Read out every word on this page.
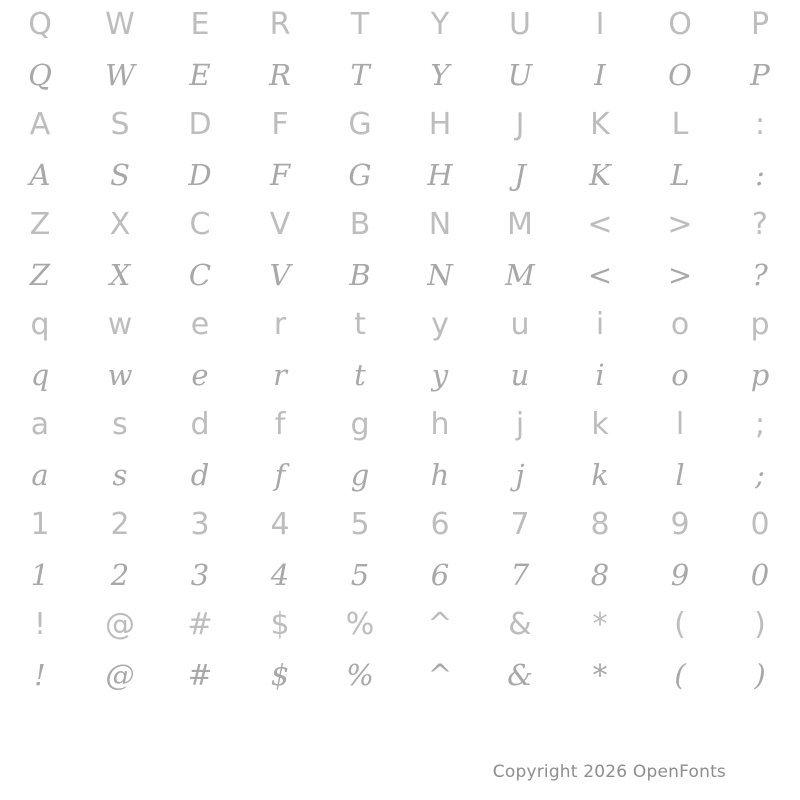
Q W E R T Y U I O P
Q W E R T Y U I O P
A S D F G H J K L :
A S D F G H J K L :
Z X C V B N M < > ?
Z X C V B N M < > ?
q w e r t y u i o p
q w e r t y u i o p
a s d f g h j k l ;
a s d f g h j k l ;
1 2 3 4 5 6 7 8 9 0
1 2 3 4 5 6 7 8 9 0
! @ # $ % ^ & * ( )
! @ # $ % ^ & * ( )
Copyright 2026 OpenFonts
